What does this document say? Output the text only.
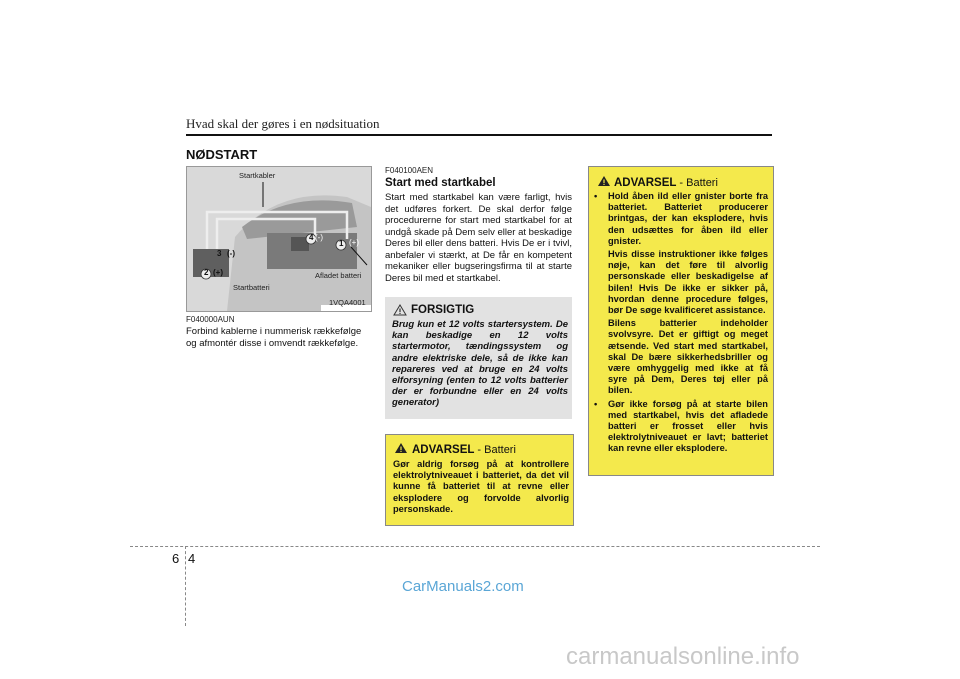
Hvad skal der gøres i en nødsituation
NØDSTART
Startkabler
Afladet batteri
Startbatteri
1VQA4001
1 (+)
2 (+)
3 (-)
4 (-)
F040000AUN
Forbind kablerne i nummerisk rækkefølge og afmontér disse i omvendt rækkefølge.
F040100AEN
Start med startkabel
Start med startkabel kan være farligt, hvis det udføres forkert. De skal derfor følge procedurerne for start med startkabel for at undgå skade på Dem selv eller at beskadige Deres bil eller dens batteri. Hvis De er i tvivl, anbefaler vi stærkt, at De får en kompetent mekaniker eller bugseringsfirma til at starte Deres bil med et startkabel.
FORSIGTIG
Brug kun et 12 volts startersystem. De kan beskadige en 12 volts startermotor, tændingssystem og andre elektriske dele, så de ikke kan repareres ved at bruge en 24 volts elforsyning (enten to 12 volts batterier der er forbundne eller en 24 volts generator)
ADVARSEL - Batteri
Gør aldrig forsøg på at kontrollere elektrolytniveauet i batteriet, da det vil kunne få batteriet til at revne eller eksplodere og forvolde alvorlig personskade.
ADVARSEL - Batteri
• Hold åben ild eller gnister borte fra batteriet. Batteriet producerer brintgas, der kan eksplodere, hvis den udsættes for åben ild eller gnister.

Hvis disse instruktioner ikke følges nøje, kan det føre til alvorlig personskade eller beskadigelse af bilen! Hvis De ikke er sikker på, hvordan denne procedure følges, bør De søge kvalificeret assistance.

Bilens batterier indeholder svolvsyre. Det er giftigt og meget ætsende. Ved start med startkabel, skal De bære sikkerhedsbriller og være omhyggelig med ikke at få syre på Dem, Deres tøj eller på bilen.

• Gør ikke forsøg på at starte bilen med startkabel, hvis det afladede batteri er frosset eller hvis elektrolytniveauet er lavt; batteriet kan revne eller eksplodere.

6 4
CarManuals2.com
carmanualsonline.info
